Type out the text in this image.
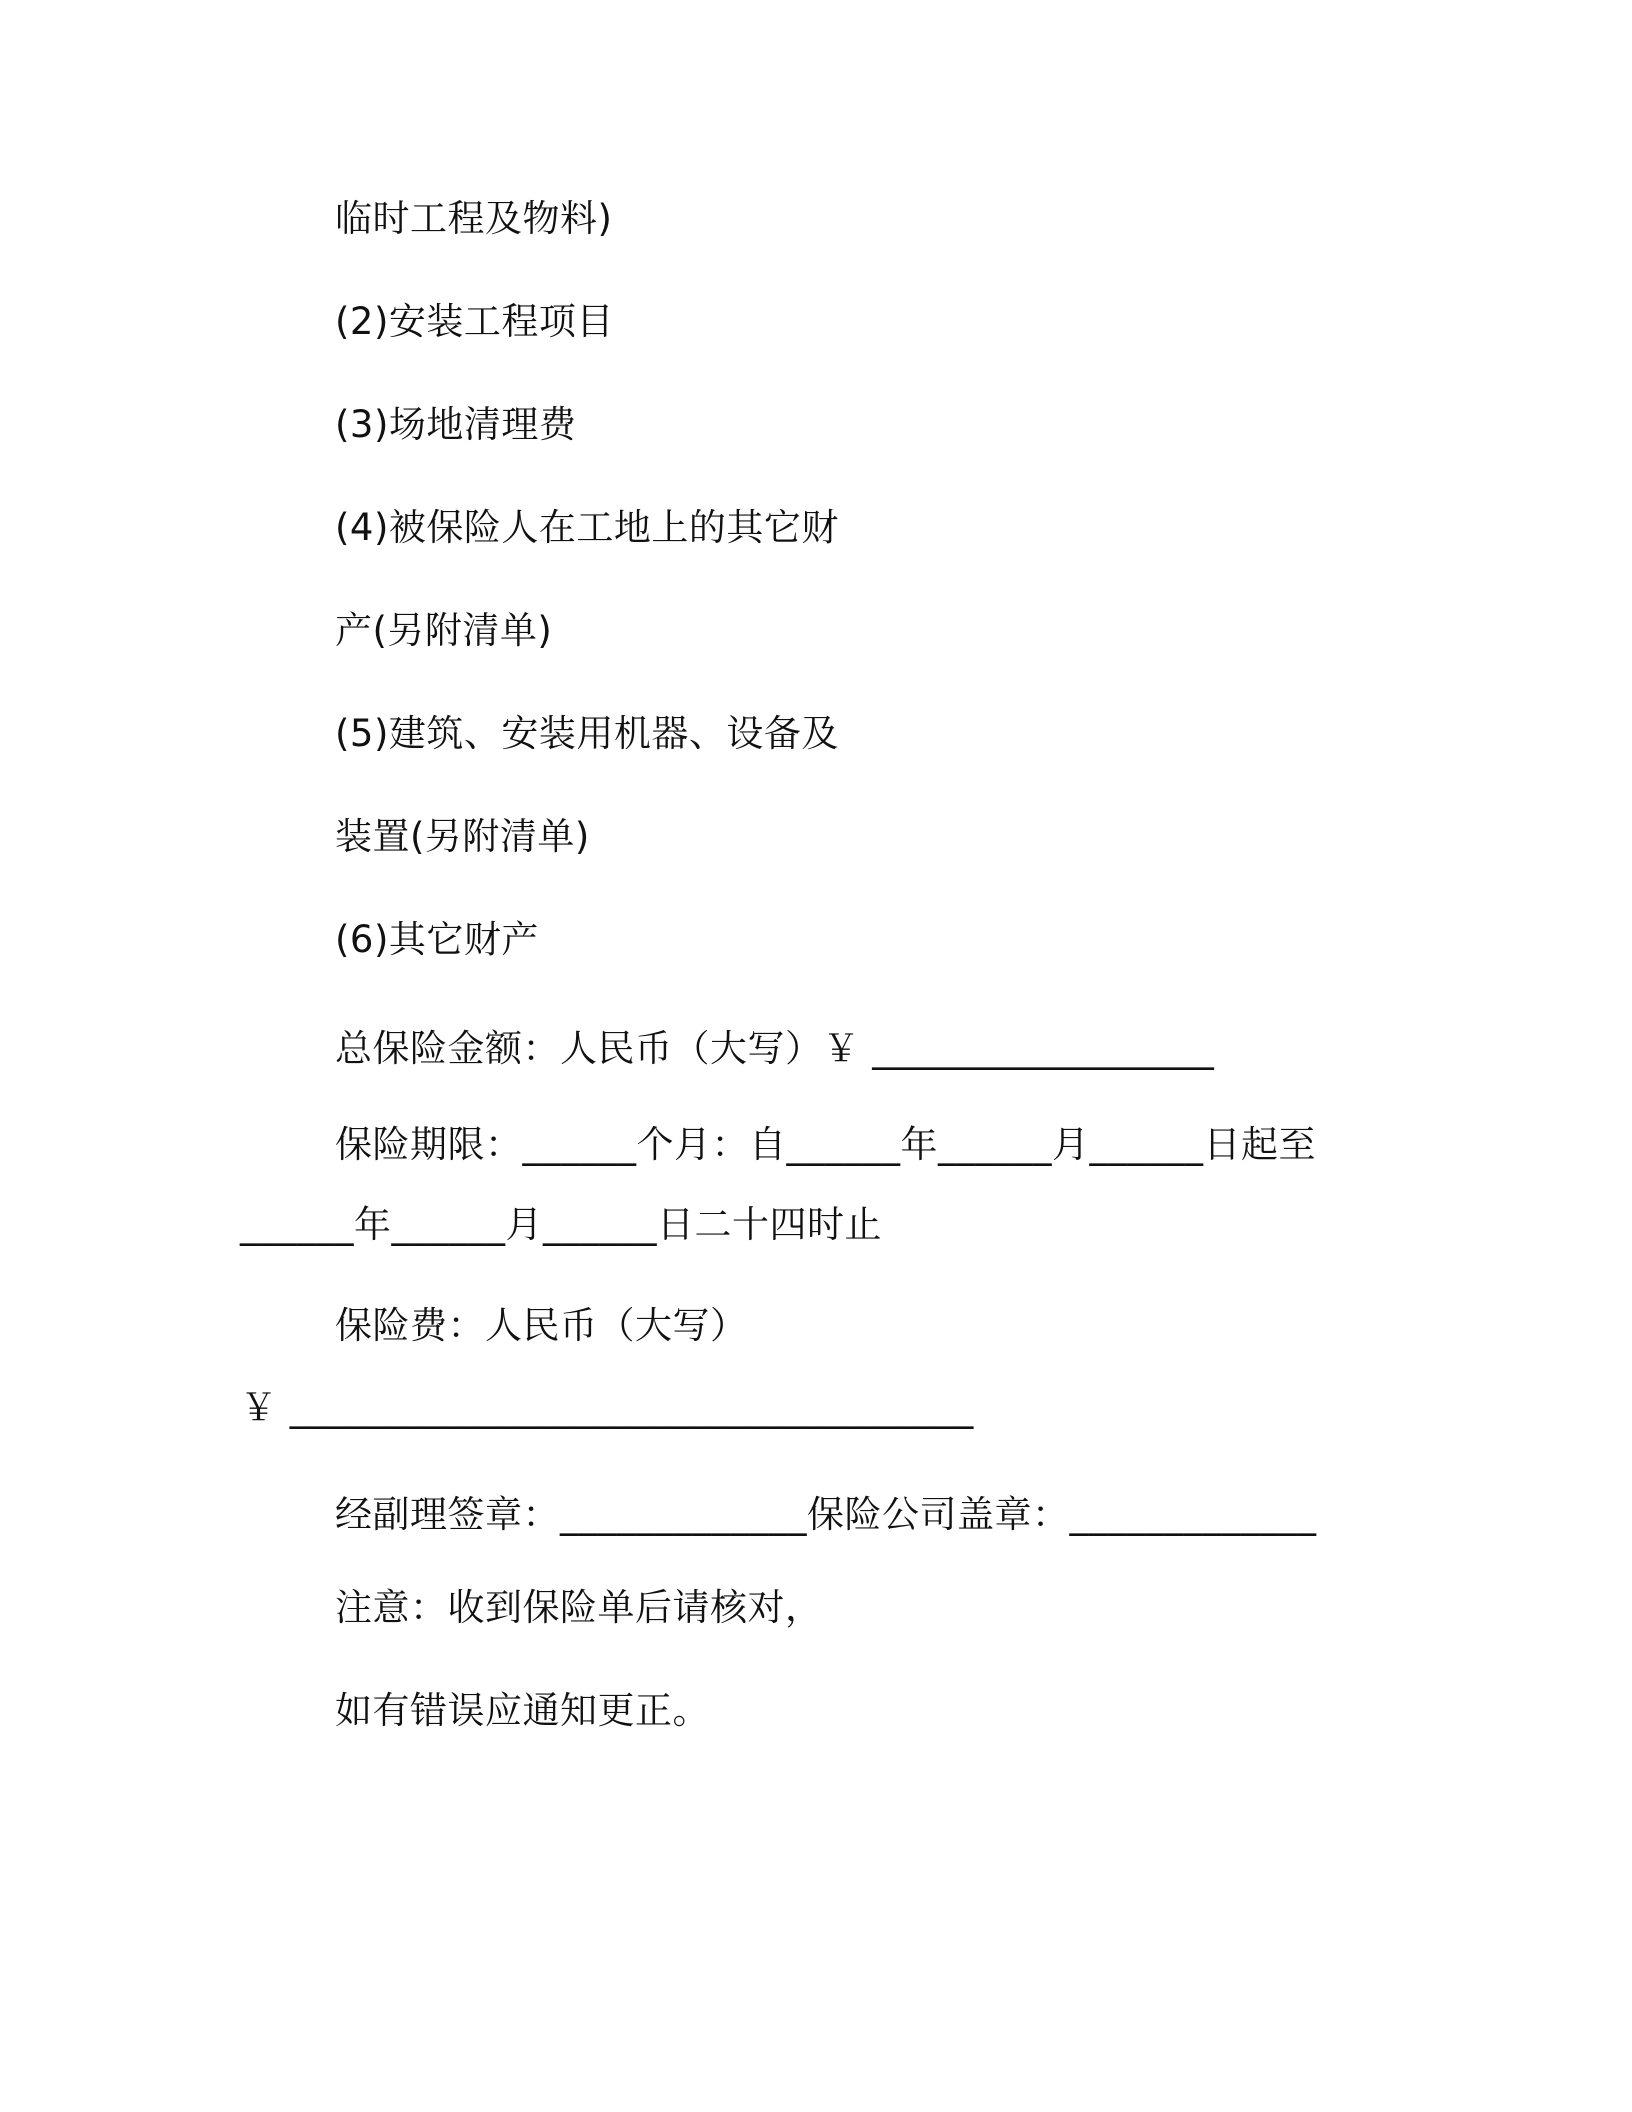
临时工程及物料)
(2)安装工程项目
(3)场地清理费
(4)被保险人在工地上的其它财
产(另附清单)
(5)建筑、安装用机器、设备及
装置(另附清单)
(6)其它财产
总保险金额：人民币（大写）￥ __________________
保险期限：______个月：自______年______月______日起至
______年______月______日二十四时止
保险费：人民币（大写）
￥ ____________________________________
经副理签章：_____________保险公司盖章：_____________
注意：收到保险单后请核对，
如有错误应通知更正。
